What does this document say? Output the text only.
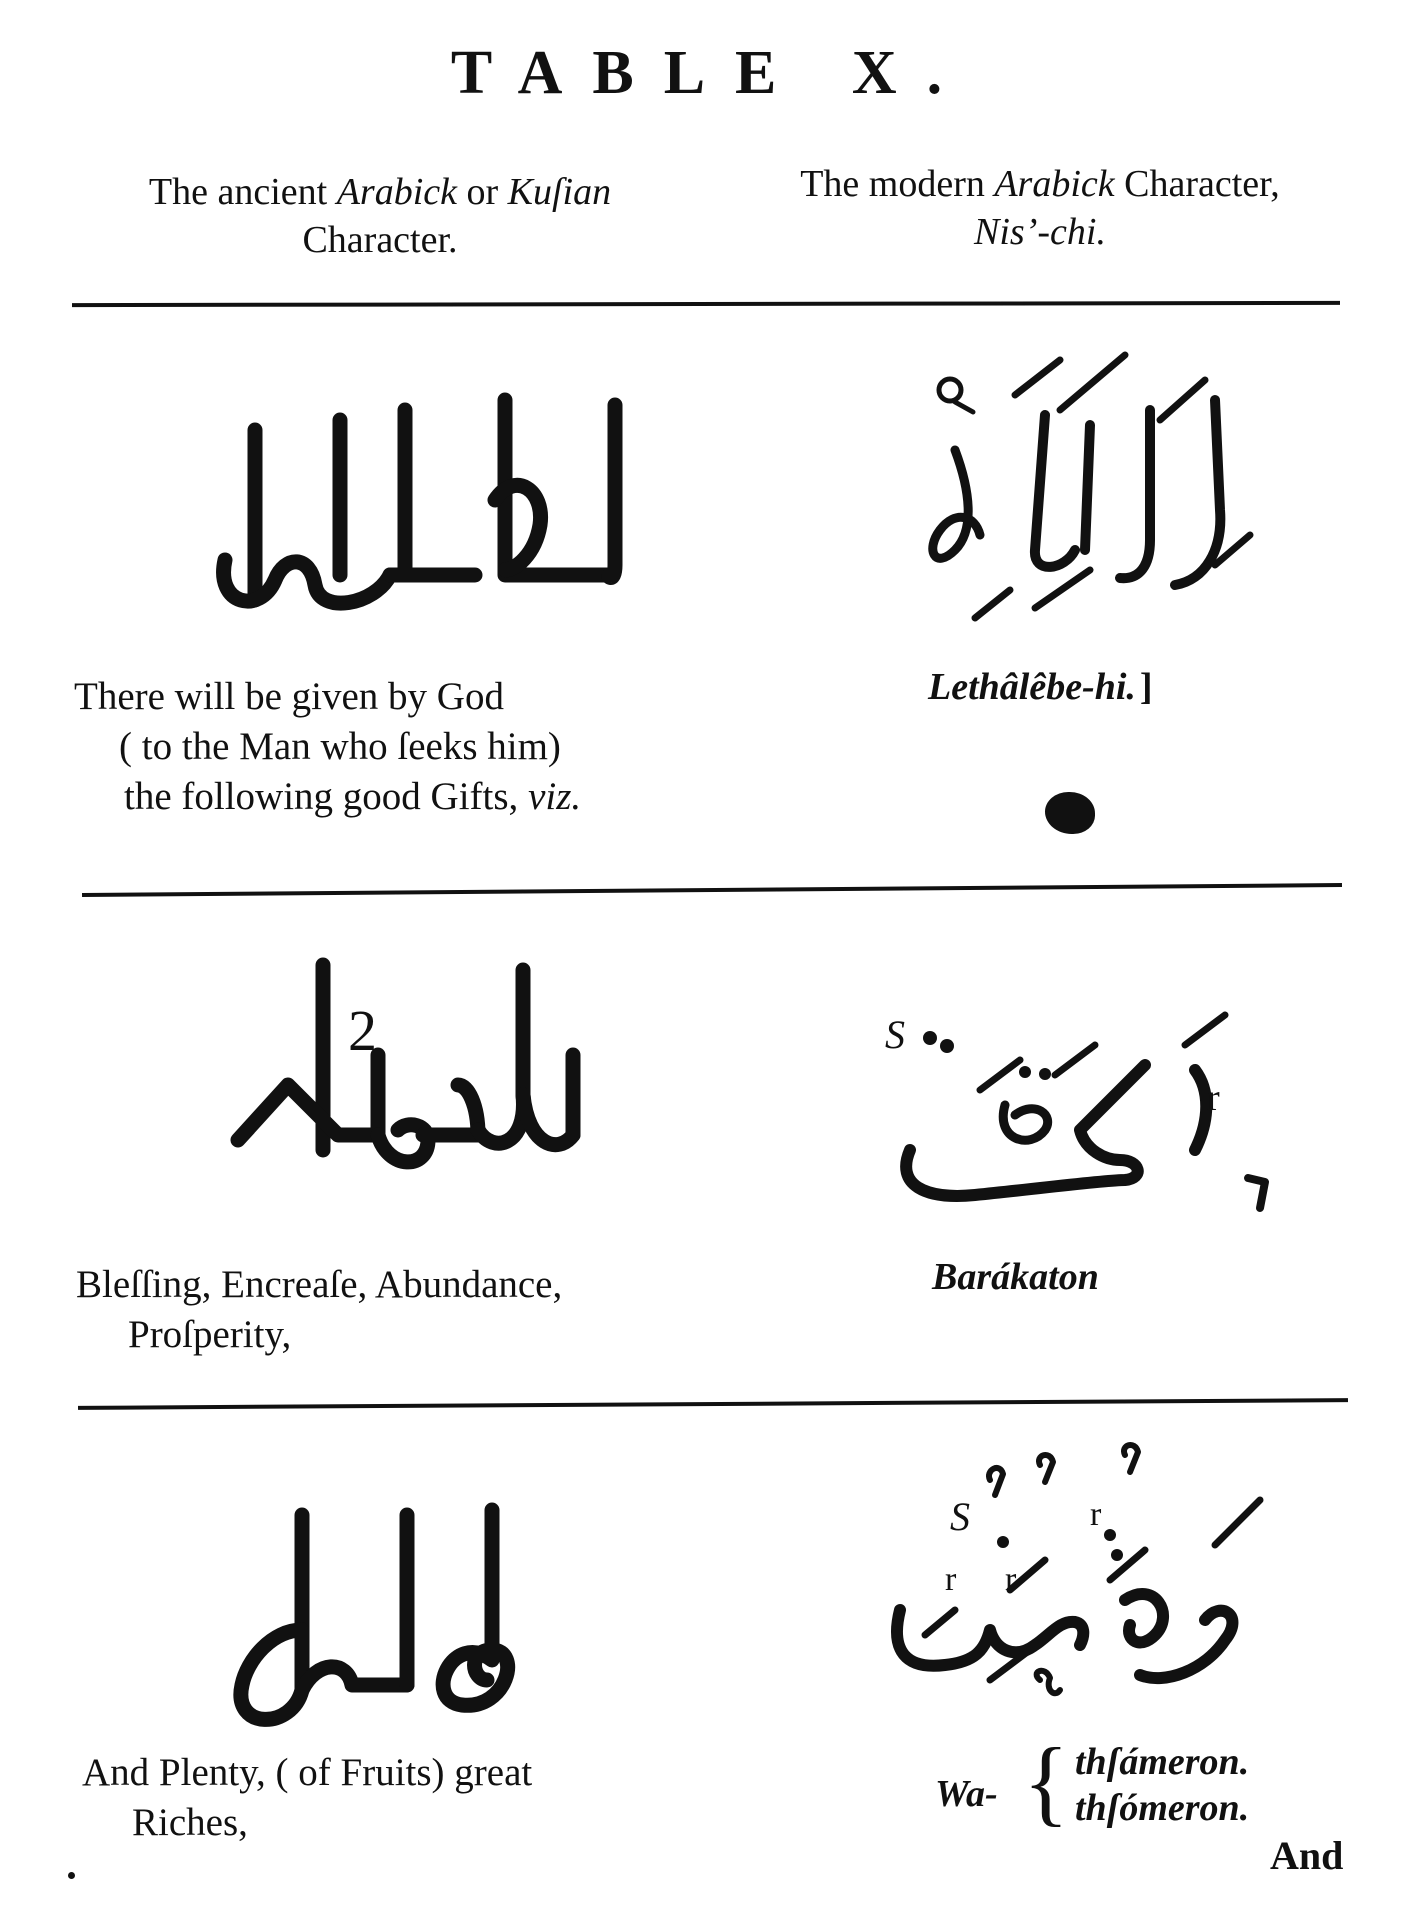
TABLE X.
The ancient Arabick or Kuſian
Character.
The modern Arabick Character,
Nis’-chi.
There will be given by God
( to the Man who ſeeks him)
the following good Gifts, viz.
Lethâlêbe-hi. ]
2	S
r
Bleſſing, Encreaſe, Abundance,
Proſperity,
Barákaton
S
r r
r
And Plenty, ( of Fruits) great
Riches,
Wa- { thſámeron.
thſómeron.
And
